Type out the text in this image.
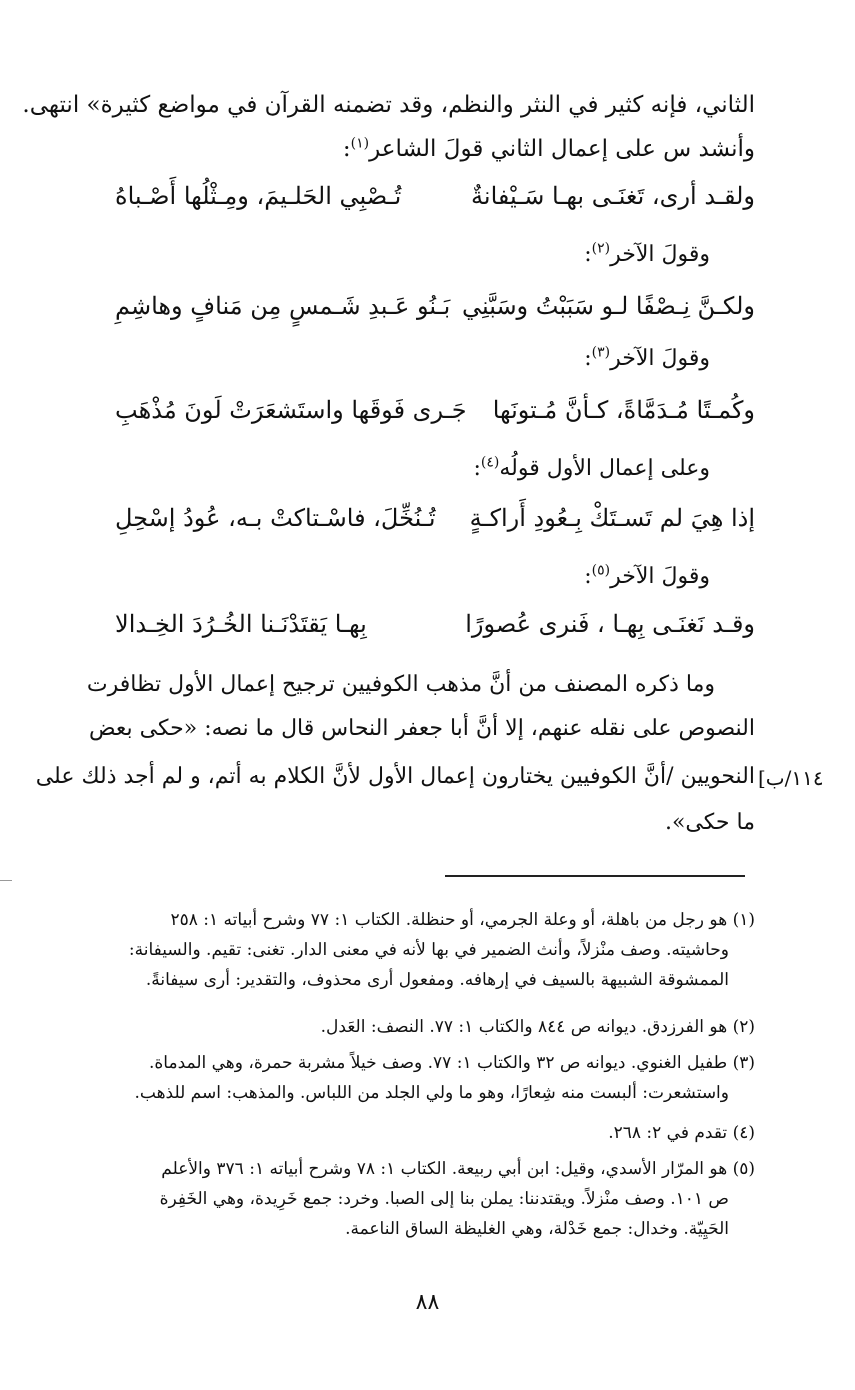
الثاني، فإنه كثير في النثر والنظم، وقد تضمنه القرآن في مواضع كثيرة» انتهى.
وأنشد س على إعمال الثاني قولَ الشاعر$^{(١)}$:
ولقـد أرى، تَغنَـى بهـا سَـيْفانةٌ
تُـصْبِي الحَلـيمَ، ومِـثْلُها أَصْـباهُ
وقولَ الآخر$^{(٢)}$:
ولكـنَّ نِـصْفًا لـو سَبَبْتُ وسَبَّنِي
بَـنُو عَـبدِ شَـمسٍ مِن مَنافٍ وهاشِمِ
وقولَ الآخر$^{(٣)}$:
وكُمـتًا مُـدَمَّاةً، كـأنَّ مُـتونَها
جَـرى فَوقَها واستَشعَرَتْ لَونَ مُذْهَبِ
وعلى إعمال الأول قولُه$^{(٤)}$:
إذا هِيَ لم تَسـتَكْ بِـعُودِ أَراكـةٍ
تُـنُخِّلَ، فاسْـتاكتْ بـه، عُودُ إسْحِلِ
وقولَ الآخر$^{(٥)}$:
وقـد نَغنَـى بِهـا ، فَنرى عُصورًا
بِهـا يَقتَدْنَـنا الخُـرُدَ الخِـدالا
وما ذكره المصنف من أنَّ مذهب الكوفيين ترجيح إعمال الأول تظافرت
النصوص على نقله عنهم، إلا أنَّ أبا جعفر النحاس قال ما نصه: «حكى بعض
النحويين /أنَّ الكوفيين يختارون إعمال الأول لأنَّ الكلام به أتم، و لم أجد ذلك على
ما حكى».
١١٤/ب]
(١) هو رجل من باهلة، أو وعلة الجرمي، أو حنظلة. الكتاب ١: ٧٧ وشرح أبياته ١: ٢٥٨
وحاشيته. وصف منْزلاً، وأنث الضمير في بها لأنه في معنى الدار. تغنى: تقيم. والسيفانة:
الممشوقة الشبيهة بالسيف في إرهافه. ومفعول أرى محذوف، والتقدير: أرى سيفانةً.
(٢) هو الفرزدق. ديوانه ص ٨٤٤ والكتاب ١: ٧٧. النصف: العَدل.
(٣) طفيل الغنوي. ديوانه ص ٣٢ والكتاب ١: ٧٧. وصف خيلاً مشربة حمرة، وهي المدماة.
واستشعرت: ألبست منه شِعارًا، وهو ما ولي الجلد من اللباس. والمذهب: اسم للذهب.
(٤) تقدم في ٢: ٢٦٨.
(٥) هو المرّار الأسدي، وقيل: ابن أبي ربيعة. الكتاب ١: ٧٨ وشرح أبياته ١: ٣٧٦ والأعلم
ص ١٠١. وصف منْزلاً. ويقتدننا: يملن بنا إلى الصبا. وخرد: جمع خَرِيدة، وهي الخَفِرة
الحَيِيّة. وخدال: جمع خَدْلة، وهي الغليظة الساق الناعمة.
٨٨
